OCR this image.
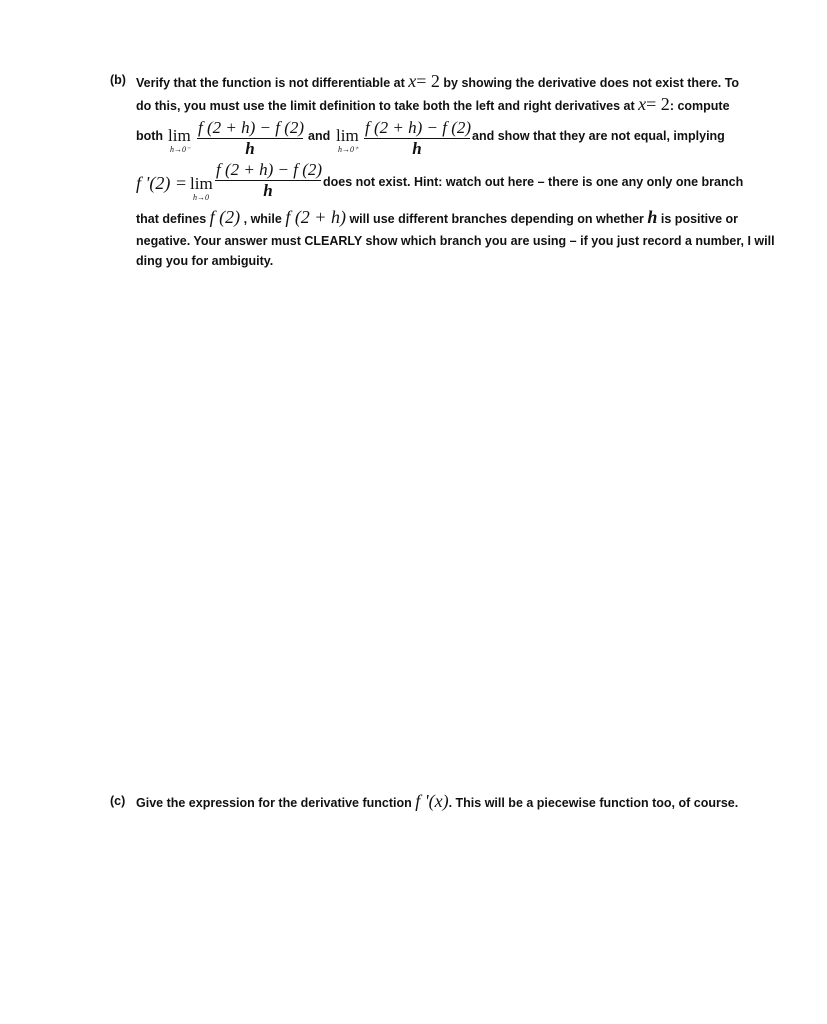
(b) Verify that the function is not differentiable at x= 2 by showing the derivative does not exist there. To
do this, you must use the limit definition to take both the left and right derivatives at x= 2: compute
both lim
h→0⁻
f (2 + h) − f (2)
h
and lim
h→0⁺
f (2 + h) − f (2)
h
and show that they are not equal, implying
f '(2) = lim
h→0
f (2 + h) − f (2)
h	does not exist. Hint: watch out here – there is one any only one branch
that defines f (2) , while f (2 + h) will use different branches depending on whether h is positive or
negative. Your answer must CLEARLY show which branch you are using – if you just record a number, I will
ding you for ambiguity.
(c) Give the expression for the derivative function f '(x). This will be a piecewise function too, of course.
